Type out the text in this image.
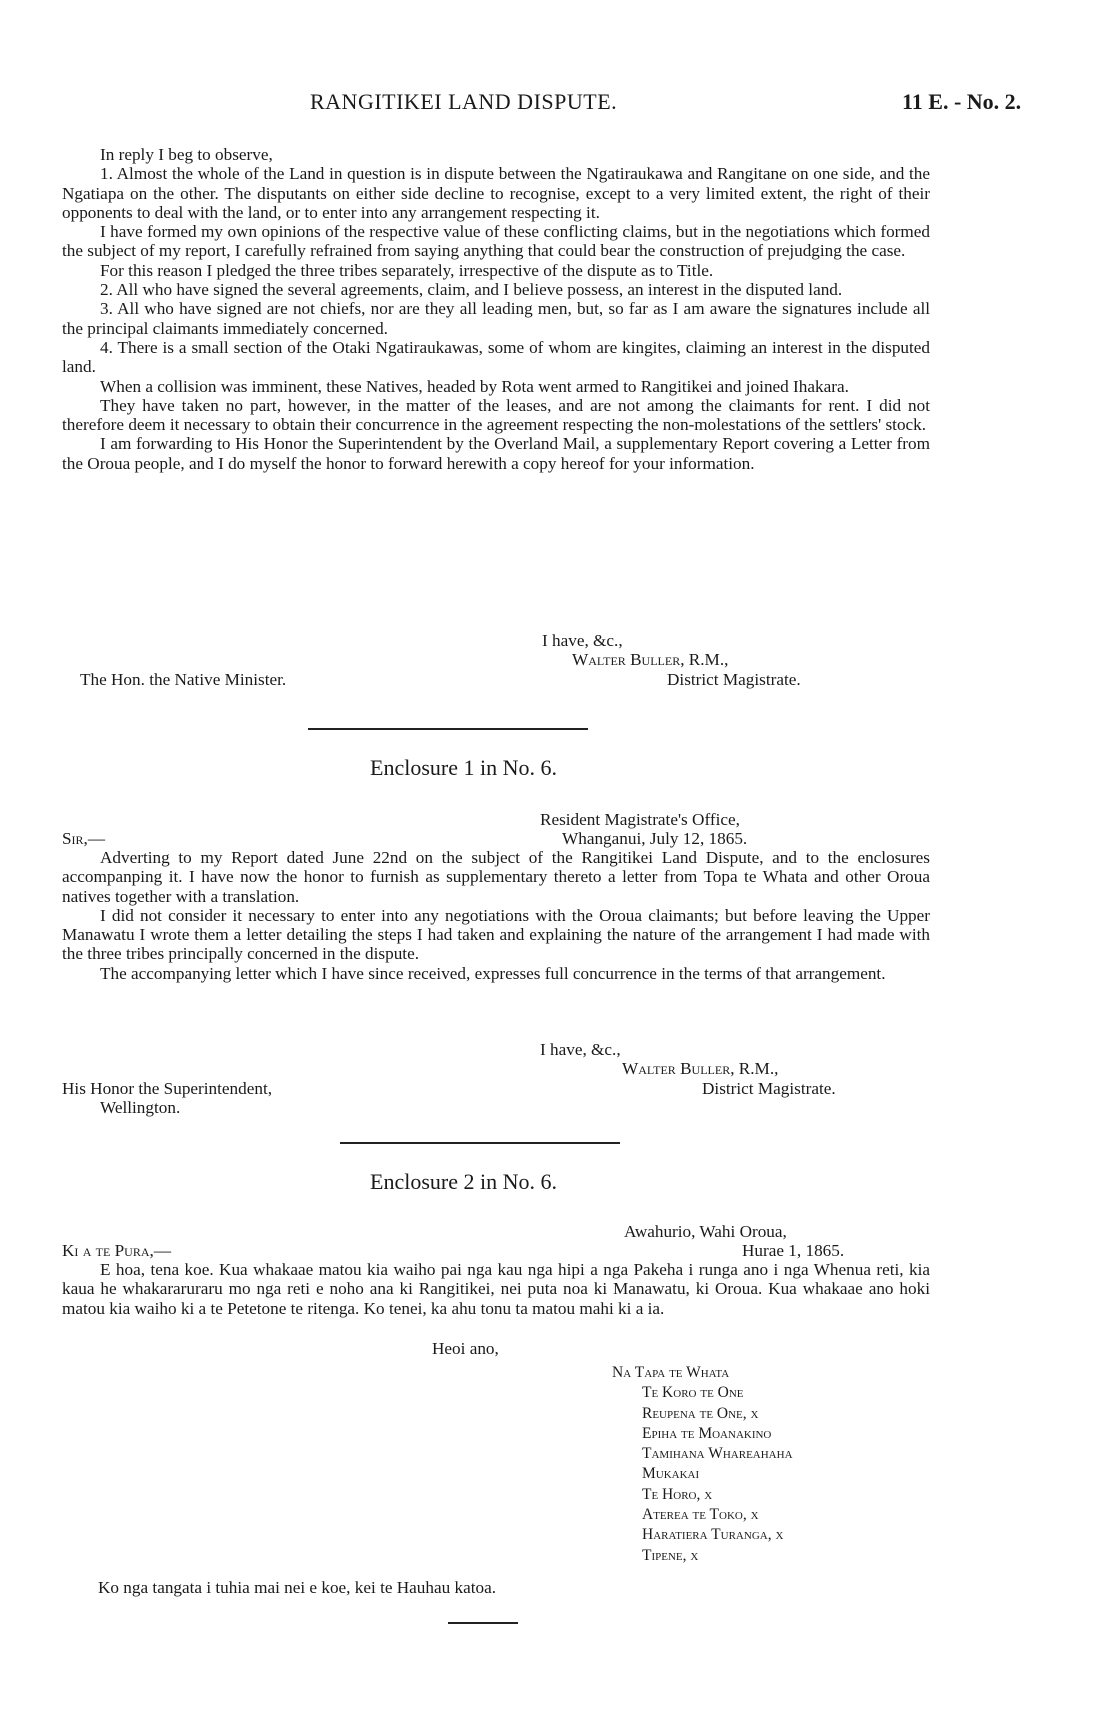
RANGITIKEI LAND DISPUTE.	11 E. - No. 2.

In reply I beg to observe,

1. Almost the whole of the Land in question is in dispute between the Ngatiraukawa and Rangitane on one side, and the Ngatiapa on the other. The disputants on either side decline to recognise, except to a very limited extent, the right of their opponents to deal with the land, or to enter into any arrangement respecting it.

I have formed my own opinions of the respective value of these conflicting claims, but in the negotiations which formed the subject of my report, I carefully refrained from saying anything that could bear the construction of prejudging the case.

For this reason I pledged the three tribes separately, irrespective of the dispute as to Title.

2. All who have signed the several agreements, claim, and I believe possess, an interest in the disputed land.

3. All who have signed are not chiefs, nor are they all leading men, but, so far as I am aware the signatures include all the principal claimants immediately concerned.

4. There is a small section of the Otaki Ngatiraukawas, some of whom are kingites, claiming an interest in the disputed land.

When a collision was imminent, these Natives, headed by Rota went armed to Rangitikei and joined Ihakara.

They have taken no part, however, in the matter of the leases, and are not among the claimants for rent. I did not therefore deem it necessary to obtain their concurrence in the agreement respecting the non-molestations of the settlers' stock.

I am forwarding to His Honor the Superintendent by the Overland Mail, a supplementary Report covering a Letter from the Oroua people, and I do myself the honor to forward herewith a copy hereof for your information.

I have, &c.,
Walter Buller, R.M.,
The Hon. the Native Minister.	District Magistrate.
Enclosure 1 in No. 6.
Resident Magistrate's Office,
Whanganui, July 12, 1865.
Sir,—

Adverting to my Report dated June 22nd on the subject of the Rangitikei Land Dispute, and to the enclosures accompanping it. I have now the honor to furnish as supplementary thereto a letter from Topa te Whata and other Oroua natives together with a translation.

I did not consider it necessary to enter into any negotiations with the Oroua claimants; but before leaving the Upper Manawatu I wrote them a letter detailing the steps I had taken and explaining the nature of the arrangement I had made with the three tribes principally concerned in the dispute.

The accompanying letter which I have since received, expresses full concurrence in the terms of that arrangement.

I have, &c.,
Walter Buller, R.M.,
His Honor the Superintendent,	District Magistrate.
Wellington.
Enclosure 2 in No. 6.
Awahurio, Wahi Oroua,
Hurae 1, 1865.
Ki a te Pura,—

E hoa, tena koe. Kua whakaae matou kia waiho pai nga kau nga hipi a nga Pakeha i runga ano i nga Whenua reti, kia kaua he whakararuraru mo nga reti e noho ana ki Rangitikei, nei puta noa ki Manawatu, ki Oroua. Kua whakaae ano hoki matou kia waiho ki a te Petetone te ritenga. Ko tenei, ka ahu tonu ta matou mahi ki a ia.

Heoi ano,
Na Tapa te Whata
Te Koro te One
Reupena te One, x
Epiha te Moanakino
Tamihana Whareahaha
Mukakai
Te Horo, x
Aterea te Toko, x
Haratiera Turanga, x
Tipene, x
Ko nga tangata i tuhia mai nei e koe, kei te Hauhau katoa.
